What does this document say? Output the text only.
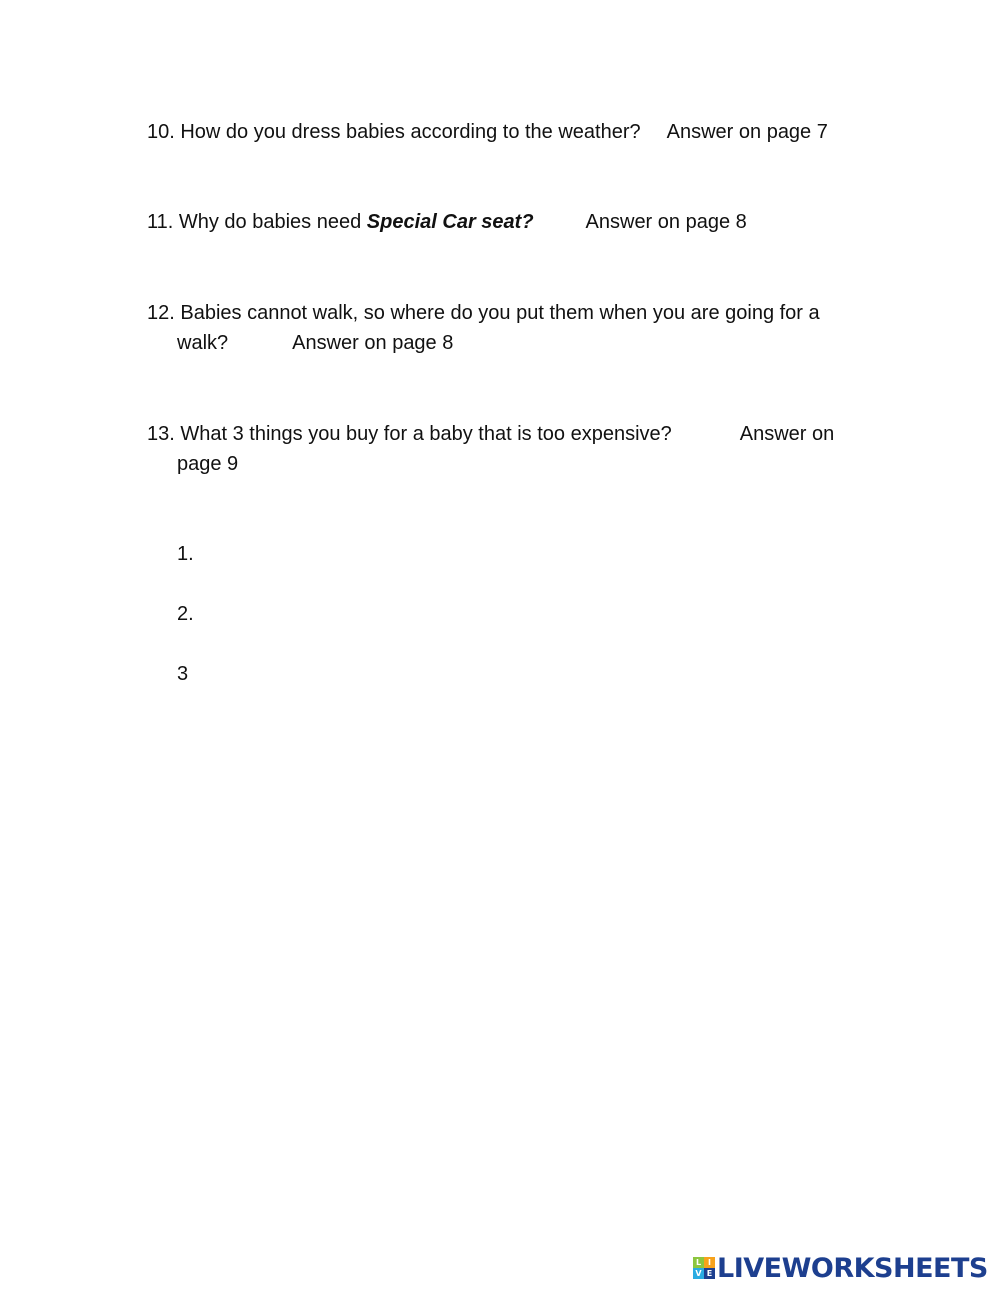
10. How do you dress babies according to the weather? Answer on page 7
11. Why do babies need Special Car seat?	Answer on page 8
12. Babies cannot walk, so where do you put them when you are going for a
walk?	Answer on page 8
13. What 3 things you buy for a baby that is too expensive?	Answer on
page 9
1.
2.
3
L I
V E LIVEWORKSHEETS
